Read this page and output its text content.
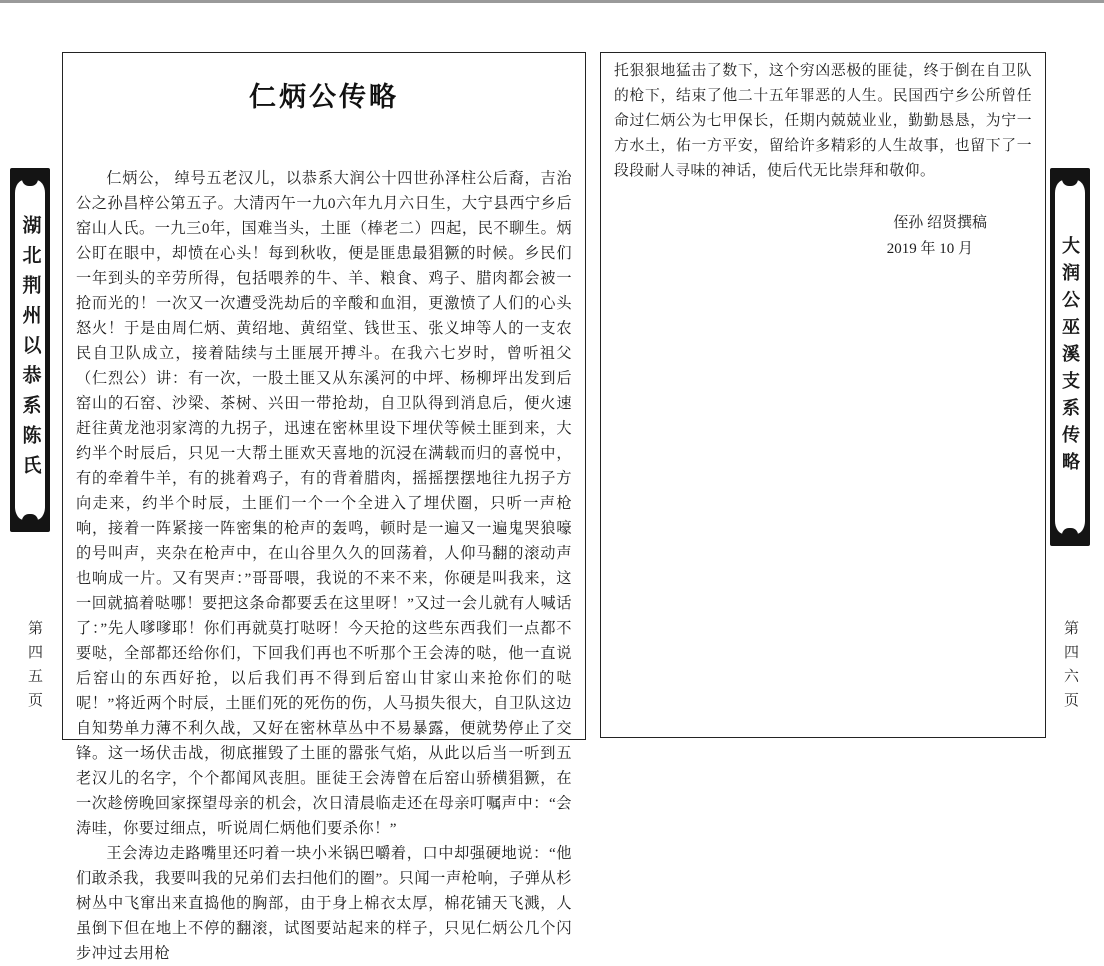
湖北荆州以恭系陈氏
第四五页
仁炳公传略

仁炳公， 绰号五老汉儿，以恭系大润公十四世孙泽柱公后裔，吉治公之孙昌梓公第五子。大清丙午一九0六年九月六日生，大宁县西宁乡后窑山人氏。一九三0年，国难当头，土匪（棒老二）四起，民不聊生。炳公盯在眼中，却愤在心头！每到秋收，便是匪患最猖獗的时候。乡民们一年到头的辛劳所得，包括喂养的牛、羊、粮食、鸡子、腊肉都会被一抢而光的！一次又一次遭受洗劫后的辛酸和血泪，更激愤了人们的心头怒火！于是由周仁炳、黄绍地、黄绍堂、钱世玉、张义坤等人的一支农民自卫队成立，接着陆续与土匪展开搏斗。在我六七岁时，曾听祖父（仁烈公）讲：有一次，一股土匪又从东溪河的中坪、杨柳坪出发到后窑山的石窑、沙梁、茶树、兴田一带抢劫，自卫队得到消息后，便火速赶往黄龙池羽家湾的九拐子，迅速在密林里设下埋伏等候土匪到来，大约半个时辰后，只见一大帮土匪欢天喜地的沉浸在满载而归的喜悦中，有的牵着牛羊，有的挑着鸡子，有的背着腊肉，摇摇摆摆地往九拐子方向走来，约半个时辰，土匪们一个一个全进入了埋伏圈，只听一声枪响，接着一阵紧接一阵密集的枪声的轰鸣，顿时是一遍又一遍鬼哭狼嚎的号叫声，夹杂在枪声中，在山谷里久久的回荡着，人仰马翻的滚动声也响成一片。又有哭声：”哥哥喂，我说的不来不来，你硬是叫我来，这一回就搞着哒哪！要把这条命都要丢在这里呀！”又过一会儿就有人喊话了：”先人嗲嗲耶！你们再就莫打哒呀！今天抢的这些东西我们一点都不要哒，全部都还给你们，下回我们再也不听那个王会涛的哒，他一直说后窑山的东西好抢，以后我们再不得到后窑山甘家山来抢你们的哒呢！”将近两个时辰，土匪们死的死伤的伤，人马损失很大，自卫队这边自知势单力薄不利久战，又好在密林草丛中不易暴露，便就势停止了交锋。这一场伏击战，彻底摧毁了土匪的嚣张气焰，从此以后当一听到五老汉儿的名字，个个都闻风丧胆。匪徒王会涛曾在后窑山骄横猖獗，在一次趁傍晚回家探望母亲的机会，次日清晨临走还在母亲叮嘱声中：“会涛哇，你要过细点，听说周仁炳他们要杀你！”

王会涛边走路嘴里还叼着一块小米锅巴嚼着，口中却强硬地说：“他们敢杀我，我要叫我的兄弟们去扫他们的圈”。只闻一声枪响，子弹从杉树丛中飞窜出来直捣他的胸部，由于身上棉衣太厚，棉花铺天飞溅，人虽倒下但在地上不停的翻滚，试图要站起来的样子，只见仁炳公几个闪步冲过去用枪

托狠狠地猛击了数下，这个穷凶恶极的匪徒，终于倒在自卫队的枪下，结束了他二十五年罪恶的人生。民国西宁乡公所曾任命过仁炳公为七甲保长，任期内兢兢业业，勤勤恳恳，为宁一方水土，佑一方平安，留给许多精彩的人生故事，也留下了一段段耐人寻味的神话，使后代无比崇拜和敬仰。

侄孙 绍贤撰稿
2019 年 10 月	大润公巫溪支系传略
第四六页
